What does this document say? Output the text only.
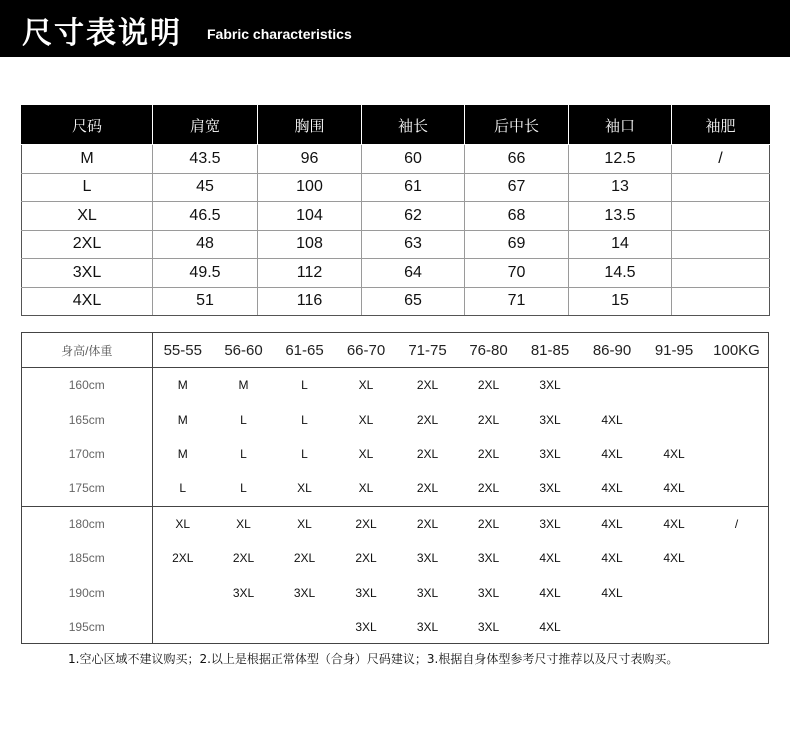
尺寸表说明 Fabric characteristics
尺码	肩宽	胸围	袖长	后中长	袖口	袖肥
M	43.5	96	60	66	12.5	/
L	45	100	61	67	13	
XL	46.5	104	62	68	13.5	
2XL	48	108	63	69	14	
3XL	49.5	112	64	70	14.5	
4XL	51	116	65	71	15	
身高/体重	55-55	56-60	61-65	66-70	71-75	76-80	81-85	86-90	91-95	100KG
160cm	M	M	L	XL	2XL	2XL	3XL			
165cm	M	L	L	XL	2XL	2XL	3XL	4XL		
170cm	M	L	L	XL	2XL	2XL	3XL	4XL	4XL	
175cm	L	L	XL	XL	2XL	2XL	3XL	4XL	4XL	
180cm	XL	XL	XL	2XL	2XL	2XL	3XL	4XL	4XL	/
185cm	2XL	2XL	2XL	2XL	3XL	3XL	4XL	4XL	4XL	
190cm		3XL	3XL	3XL	3XL	3XL	4XL	4XL		
195cm				3XL	3XL	3XL	4XL			
1.空心区域不建议购买；2.以上是根据正常体型（合身）尺码建议；3.根据自身体型参考尺寸推荐以及尺寸表购买。
